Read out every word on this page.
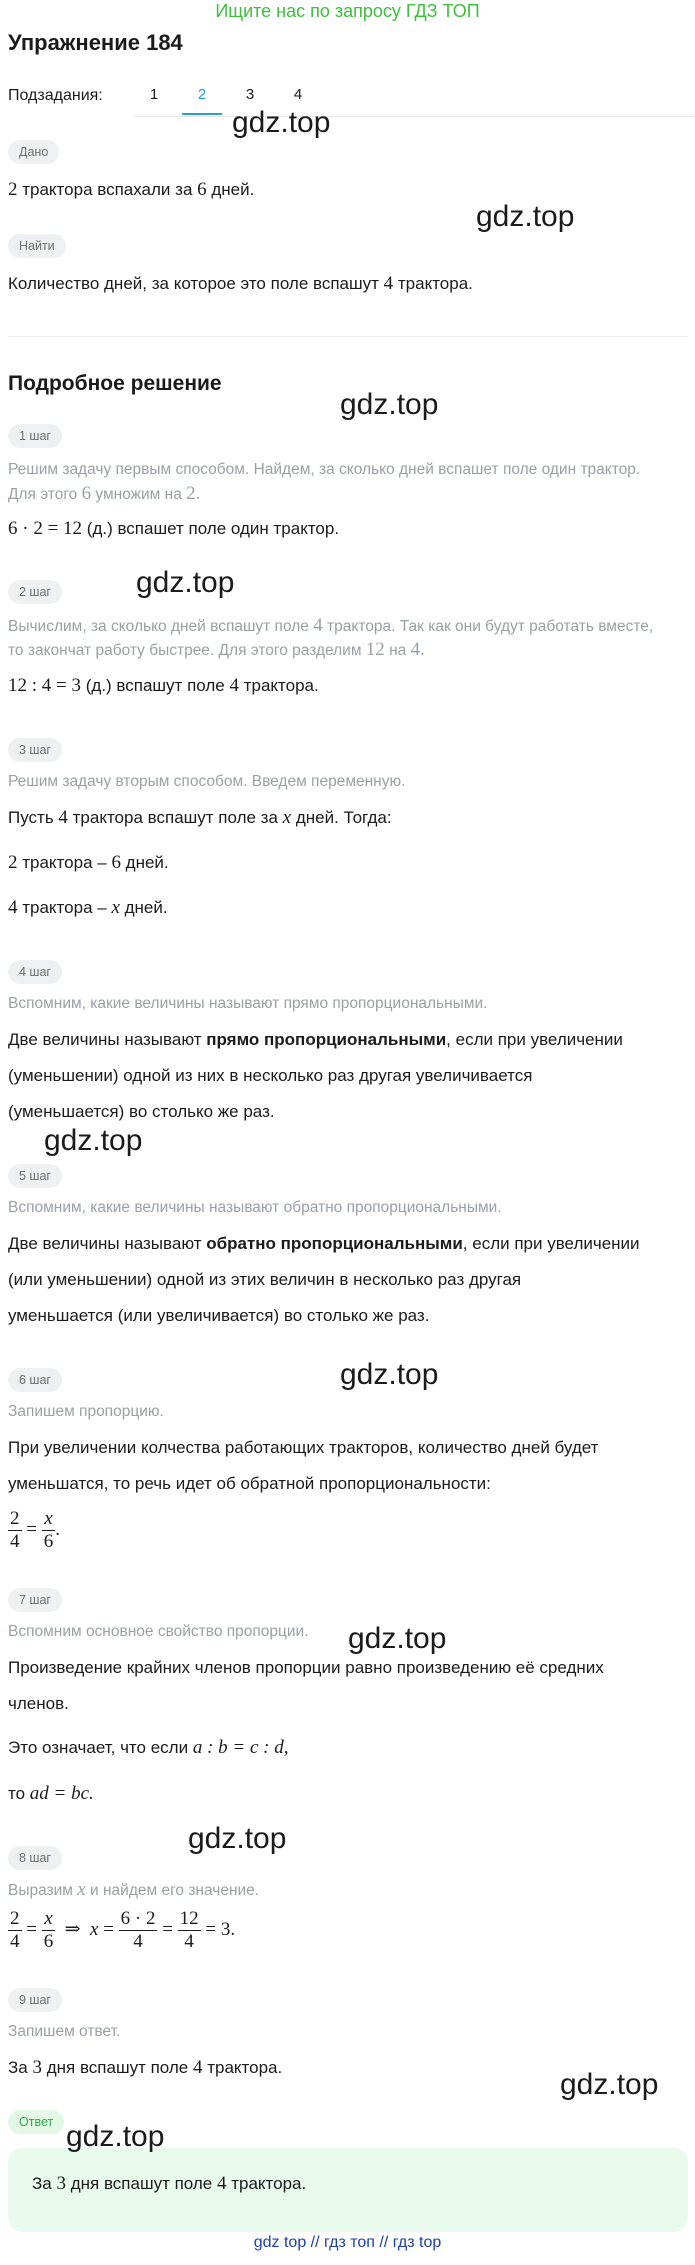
Ищите нас по запросу ГДЗ ТОП
Упражнение 184
Подзадания:	1	2	3	4
Дано
2 трактора вспахали за 6 дней.
Найти
Количество дней, за которое это поле вспашут 4 трактора.
Подробное решение
1 шаг
Решим задачу первым способом. Найдем, за сколько дней вспашет поле один трактор.
Для этого 6 умножим на 2.
6 · 2 = 12 (д.) вспашет поле один трактор.
2 шаг
Вычислим, за сколько дней вспашут поле 4 трактора. Так как они будут работать вместе,
то закончат работу быстрее. Для этого разделим 12 на 4.
12 : 4 = 3 (д.) вспашут поле 4 трактора.
3 шаг
Решим задачу вторым способом. Введем переменную.
Пусть 4 трактора вспашут поле за x дней. Тогда:
2 трактора – 6 дней.
4 трактора – x дней.
4 шаг
Вспомним, какие величины называют прямо пропорциональными.
Две величины называют прямо пропорциональными, если при увеличении
(уменьшении) одной из них в несколько раз другая увеличивается
(уменьшается) во столько же раз.
5 шаг
Вспомним, какие величины называют обратно пропорциональными.
Две величины называют обратно пропорциональными, если при увеличении
(или уменьшении) одной из этих величин в несколько раз другая
уменьшается (или увеличивается) во столько же раз.
6 шаг
Запишем пропорцию.
При увеличении колчества работающих тракторов, количество дней будет
уменьшатся, то речь идет об обратной пропорциональности:
$\frac{2}{4} = \frac{x}{6}$ .
7 шаг
Вспомним основное свойство пропорции.
Произведение крайних членов пропорции равно произведению её средних
членов.
Это означает, что если a : b = c : d,
то ad = bc.
8 шаг
Выразим x и найдем его значение.
$\frac{2}{4} = \frac{x}{6}$ ⇒ $x = \frac{6 \cdot 2}{4} = \frac{12}{4} = 3$.
9 шаг
Запишем ответ.
За 3 дня вспашут поле 4 трактора.
Ответ
За 3 дня вспашут поле 4 трактора.
gdz.top
gdz.top
gdz.top
gdz.top
gdz.top
gdz.top
gdz.top
gdz.top
gdz.top
gdz.top
gdz top // гдз топ // гдз top
